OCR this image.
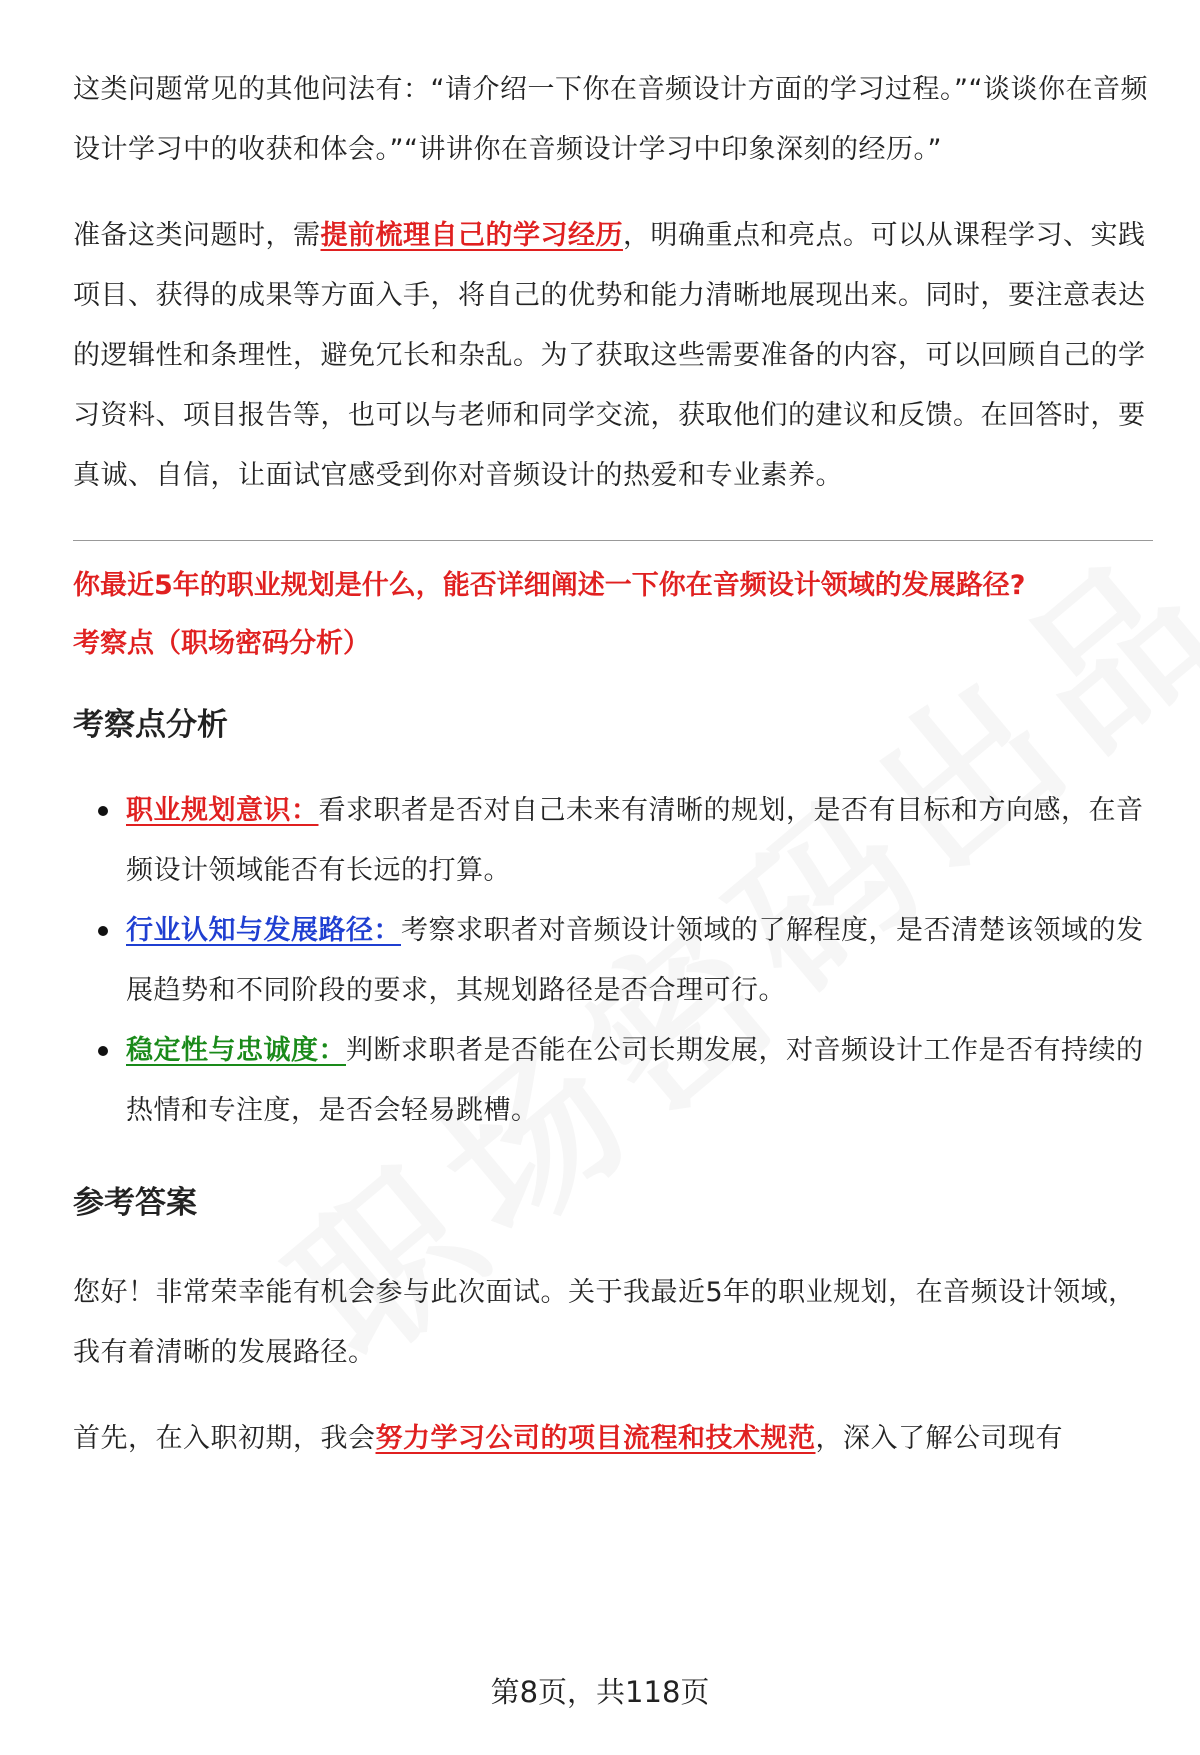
这类问题常见的其他问法有：“请介绍一下你在音频设计方面的学习过程。”“谈谈你在音频设计学习中的收获和体会。”“讲讲你在音频设计学习中印象深刻的经历。”

准备这类问题时，需提前梳理自己的学习经历，明确重点和亮点。可以从课程学习、实践项目、获得的成果等方面入手，将自己的优势和能力清晰地展现出来。同时，要注意表达的逻辑性和条理性，避免冗长和杂乱。为了获取这些需要准备的内容，可以回顾自己的学习资料、项目报告等，也可以与老师和同学交流，获取他们的建议和反馈。在回答时，要真诚、自信，让面试官感受到你对音频设计的热爱和专业素养。

你最近5年的职业规划是什么，能否详细阐述一下你在音频设计领域的发展路径?

考察点（职场密码分析）

考察点分析
职业规划意识：看求职者是否对自己未来有清晰的规划，是否有目标和方向感，在音频设计领域能否有长远的打算。
行业认知与发展路径：考察求职者对音频设计领域的了解程度，是否清楚该领域的发展趋势和不同阶段的要求，其规划路径是否合理可行。
稳定性与忠诚度：判断求职者是否能在公司长期发展，对音频设计工作是否有持续的热情和专注度，是否会轻易跳槽。
参考答案

您好！非常荣幸能有机会参与此次面试。关于我最近5年的职业规划，在音频设计领域，我有着清晰的发展路径。

首先，在入职初期，我会努力学习公司的项目流程和技术规范，深入了解公司现有

第8页，共118页
